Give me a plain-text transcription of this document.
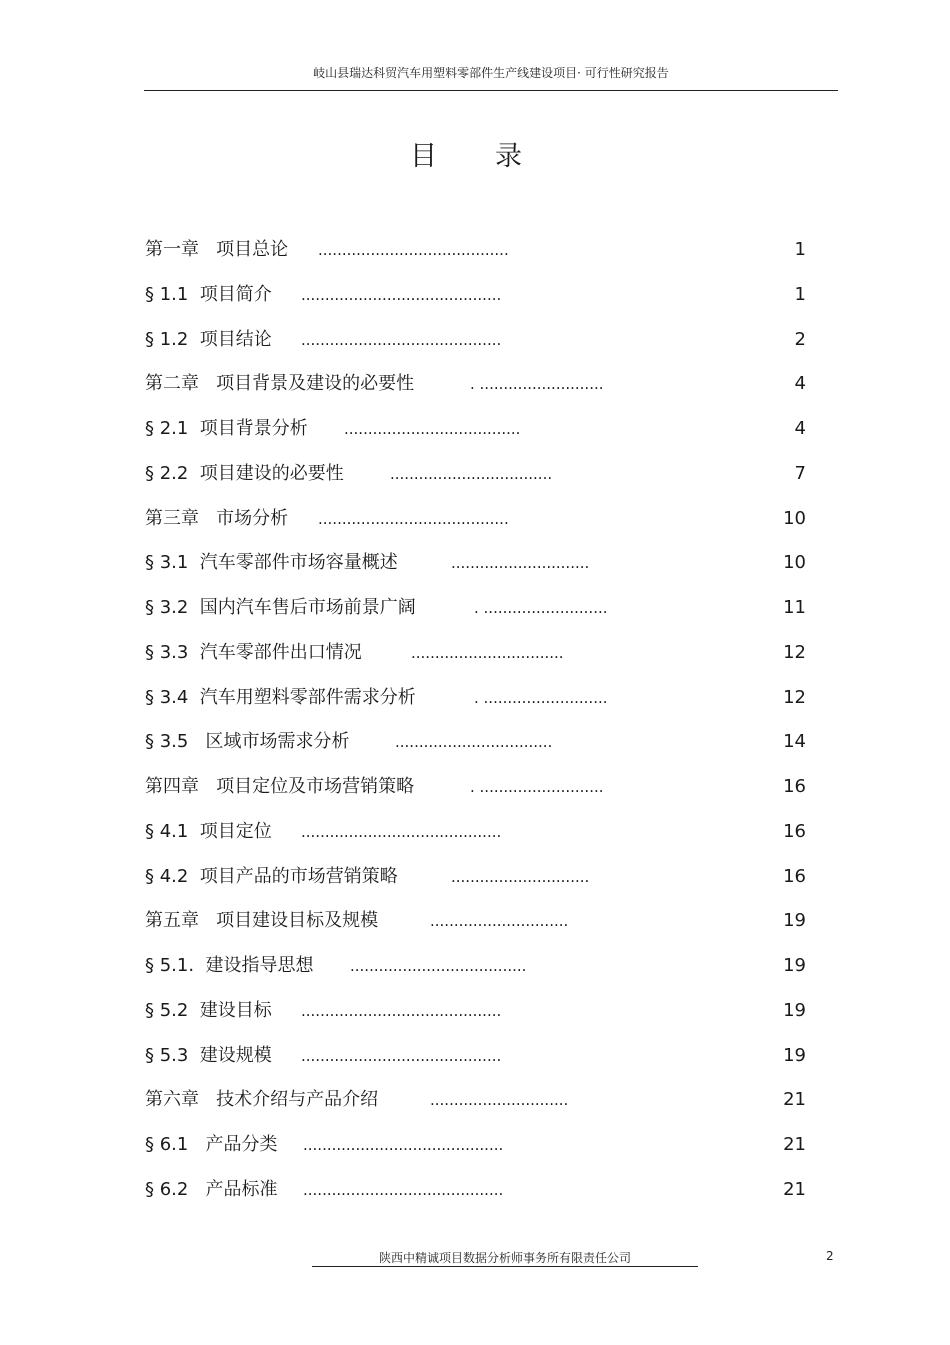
岐山县瑞达科贸汽车用塑料零部件生产线建设项目· 可行性研究报告
目录
第一章   项目总论 ........................................	1
§ 1.1  项目简介 ..........................................	1
§ 1.2  项目结论 ..........................................	2
第二章   项目背景及建设的必要性	. ..........................	4
§ 2.1  项目背景分析 .....................................	4
§ 2.2  项目建设的必要性	..................................	7
第三章   市场分析 ........................................	10
§ 3.1  汽车零部件市场容量概述	.............................	10
§ 3.2  国内汽车售后市场前景广阔	. ..........................	11
§ 3.3  汽车零部件出口情况	................................	12
§ 3.4  汽车用塑料零部件需求分析	. ..........................	12
§ 3.5   区域市场需求分析	.................................	14
第四章   项目定位及市场营销策略	. ..........................	16
§ 4.1  项目定位 ..........................................	16
§ 4.2  项目产品的市场营销策略	.............................	16
第五章   项目建设目标及规模	.............................	19
§ 5.1.  建设指导思想 .....................................	19
§ 5.2  建设目标 ..........................................	19
§ 5.3  建设规模 ..........................................	19
第六章   技术介绍与产品介绍	.............................	21
§ 6.1   产品分类 ..........................................	21
§ 6.2   产品标准 ..........................................	21
陕西中精诚项目数据分析师事务所有限责任公司	2
